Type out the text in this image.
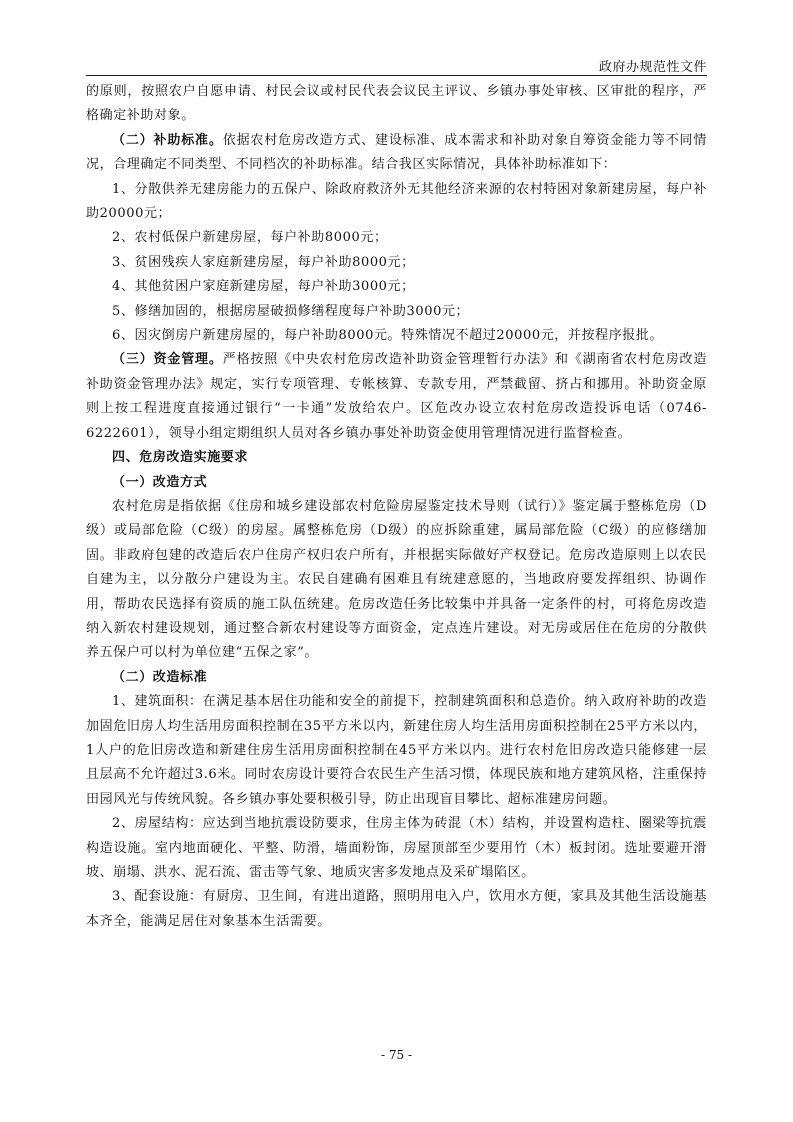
政府办规范性文件

的原则，按照农户自愿申请、村民会议或村民代表会议民主评议、乡镇办事处审核、区审批的程序，严格确定补助对象。

（二）补助标准。依据农村危房改造方式、建设标准、成本需求和补助对象自筹资金能力等不同情况，合理确定不同类型、不同档次的补助标准。结合我区实际情况，具体补助标准如下：

1、分散供养无建房能力的五保户、除政府救济外无其他经济来源的农村特困对象新建房屋，每户补助20000元；

2、农村低保户新建房屋，每户补助8000元；

3、贫困残疾人家庭新建房屋，每户补助8000元；

4、其他贫困户家庭新建房屋，每户补助3000元；

5、修缮加固的，根据房屋破损修缮程度每户补助3000元；

6、因灾倒房户新建房屋的，每户补助8000元。特殊情况不超过20000元，并按程序报批。

（三）资金管理。严格按照《中央农村危房改造补助资金管理暂行办法》和《湖南省农村危房改造补助资金管理办法》规定，实行专项管理、专帐核算、专款专用，严禁截留、挤占和挪用。补助资金原则上按工程进度直接通过银行“一卡通”发放给农户。区危改办设立农村危房改造投诉电话（0746-6222601），领导小组定期组织人员对各乡镇办事处补助资金使用管理情况进行监督检查。

四、危房改造实施要求

（一）改造方式

农村危房是指依据《住房和城乡建设部农村危险房屋鉴定技术导则（试行）》鉴定属于整栋危房（D级）或局部危险（C级）的房屋。属整栋危房（D级）的应拆除重建，属局部危险（C级）的应修缮加固。非政府包建的改造后农户住房产权归农户所有，并根据实际做好产权登记。危房改造原则上以农民自建为主，以分散分户建设为主。农民自建确有困难且有统建意愿的，当地政府要发挥组织、协调作用，帮助农民选择有资质的施工队伍统建。危房改造任务比较集中并具备一定条件的村，可将危房改造纳入新农村建设规划，通过整合新农村建设等方面资金，定点连片建设。对无房或居住在危房的分散供养五保户可以村为单位建“五保之家”。

（二）改造标准

1、建筑面积：在满足基本居住功能和安全的前提下，控制建筑面积和总造价。纳入政府补助的改造加固危旧房人均生活用房面积控制在35平方米以内，新建住房人均生活用房面积控制在25平方米以内，1人户的危旧房改造和新建住房生活用房面积控制在45平方米以内。进行农村危旧房改造只能修建一层且层高不允许超过3.6米。同时农房设计要符合农民生产生活习惯，体现民族和地方建筑风格，注重保持田园风光与传统风貌。各乡镇办事处要积极引导，防止出现盲目攀比、超标准建房问题。

2、房屋结构：应达到当地抗震设防要求，住房主体为砖混（木）结构，并设置构造柱、圈梁等抗震构造设施。室内地面硬化、平整、防滑，墙面粉饰，房屋顶部至少要用竹（木）板封闭。选址要避开滑坡、崩塌、洪水、泥石流、雷击等气象、地质灾害多发地点及采矿塌陷区。

3、配套设施：有厨房、卫生间，有进出道路，照明用电入户，饮用水方便，家具及其他生活设施基本齐全，能满足居住对象基本生活需要。

- 75 -
